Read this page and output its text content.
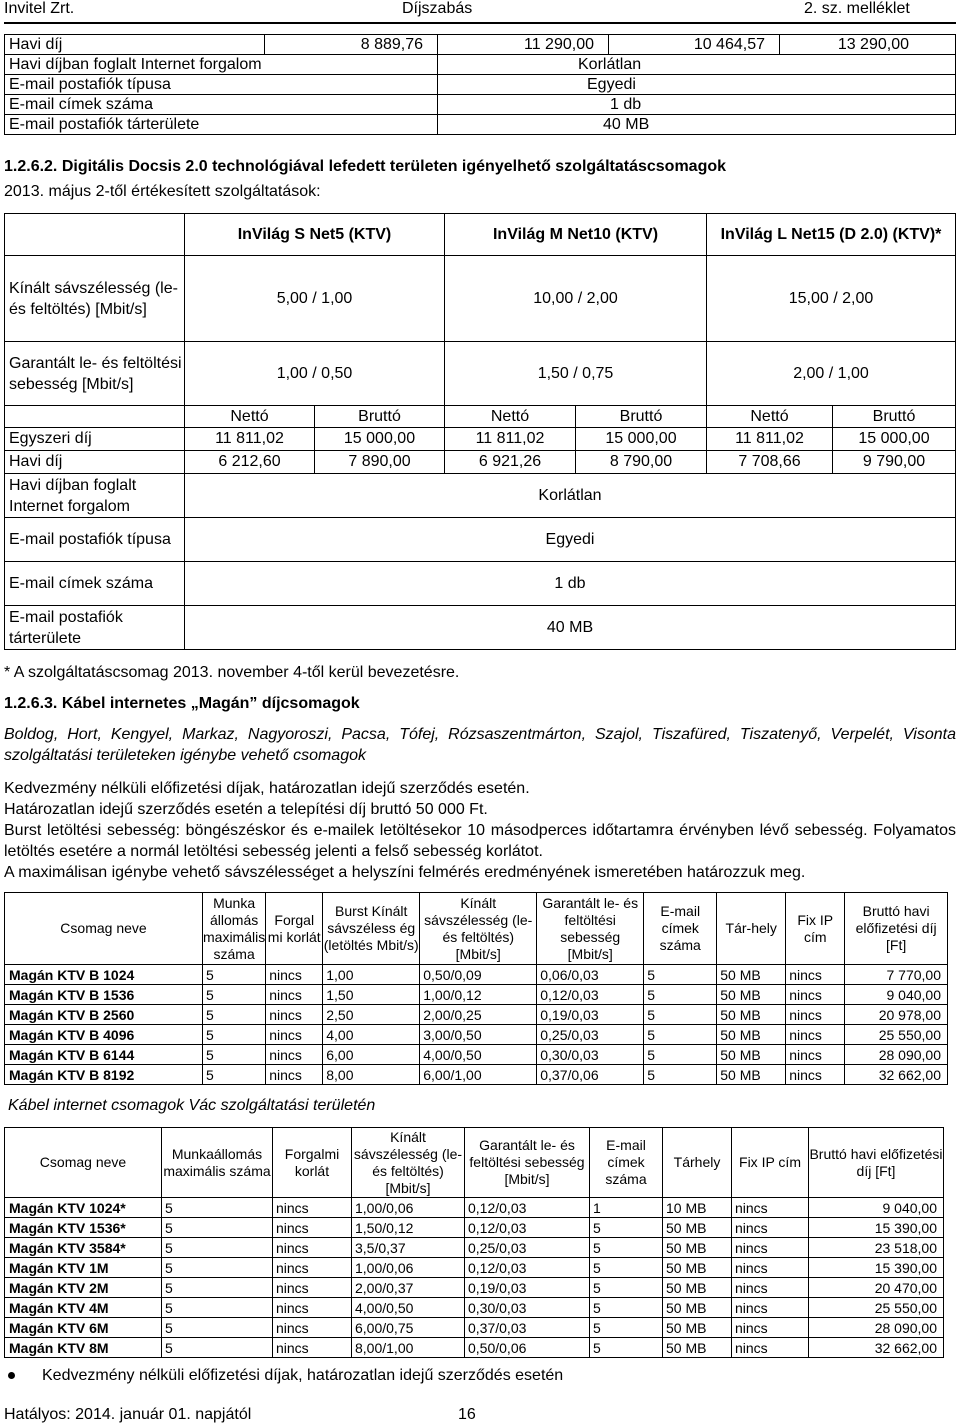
Invitel Zrt.	Díjszabás	2. sz. melléklet
Havi díj	8 889,76	11 290,00	10 464,57	13 290,00
Havi díjban foglalt Internet forgalom		Korlátlan		
E-mail postafiók típusa		Egyedi		
E-mail címek száma		1 db		
E-mail postafiók tárterülete		40 MB		
1.2.6.2. Digitális Docsis 2.0 technológiával lefedett területen igényelhető szolgáltatáscsomagok
2013. május 2-től értékesített szolgáltatások:
	InVilág S Net5 (KTV)		InVilág M Net10 (KTV)		InVilág L Net15 (D 2.0) (KTV)*	
Kínált sávszélesség (le- és feltöltés) [Mbit/s]	5,00 / 1,00		10,00 / 2,00		15,00 / 2,00	
Garantált le- és feltöltési sebesség [Mbit/s]	1,00 / 0,50		1,50 / 0,75		2,00 / 1,00	
	Nettó	Bruttó	Nettó	Bruttó	Nettó	Bruttó
Egyszeri díj	11 811,02	15 000,00	11 811,02	15 000,00	11 811,02	15 000,00
Havi díj	6 212,60	7 890,00	6 921,26	8 790,00	7 708,66	9 790,00
Havi díjban foglalt Internet forgalom	Korlátlan					
E-mail postafiók típusa	Egyedi					
E-mail címek száma	1 db					
E-mail postafiók tárterülete	40 MB					
* A szolgáltatáscsomag 2013. november 4-től kerül bevezetésre.
1.2.6.3. Kábel internetes „Magán” díjcsomagok
Boldog, Hort, Kengyel, Markaz, Nagyoroszi, Pacsa, Tófej, Rózsaszentmárton, Szajol, Tiszafüred, Tiszatenyő, Verpelét, Visonta szolgáltatási területeken igénybe vehető csomagok
Kedvezmény nélküli előfizetési díjak, határozatlan idejű szerződés esetén.
Határozatlan idejű szerződés esetén a telepítési díj bruttó 50 000 Ft.
Burst letöltési sebesség: böngészéskor és e-mailek letöltésekor 10 másodperces időtartamra érvényben lévő sebesség. Folyamatos letöltés esetére a normál letöltési sebesség jelenti a felső sebesség korlátot.
A maximálisan igénybe vehető sávszélességet a helyszíni felmérés eredményének ismeretében határozzuk meg.
Csomag neve	Munka állomás maximális száma	Forgal mi korlát	Burst Kínált sávszéless ég (letöltés Mbit/s)	Kínált sávszélesség (le- és feltöltés) [Mbit/s]	Garantált le- és feltöltési sebesség [Mbit/s]	E-mail címek száma	Tár-hely	Fix IP cím	Bruttó havi előfizetési díj [Ft]
Magán KTV B 1024	5	nincs	1,00	0,50/0,09	0,06/0,03	5	50 MB	nincs	7 770,00
Magán KTV B 1536	5	nincs	1,50	1,00/0,12	0,12/0,03	5	50 MB	nincs	9 040,00
Magán KTV B 2560	5	nincs	2,50	2,00/0,25	0,19/0,03	5	50 MB	nincs	20 978,00
Magán KTV B 4096	5	nincs	4,00	3,00/0,50	0,25/0,03	5	50 MB	nincs	25 550,00
Magán KTV B 6144	5	nincs	6,00	4,00/0,50	0,30/0,03	5	50 MB	nincs	28 090,00
Magán KTV B 8192	5	nincs	8,00	6,00/1,00	0,37/0,06	5	50 MB	nincs	32 662,00
Kábel internet csomagok Vác szolgáltatási területén
Csomag neve	Munkaállomás maximális száma	Forgalmi korlát	Kínált sávszélesség (le- és feltöltés) [Mbit/s]	Garantált le- és feltöltési sebesség [Mbit/s]	E-mail címek száma	Tárhely	Fix IP cím	Bruttó havi előfizetési díj [Ft]
Magán KTV 1024*	5	nincs	1,00/0,06	0,12/0,03	1	10 MB	nincs	9 040,00
Magán KTV 1536*	5	nincs	1,50/0,12	0,12/0,03	5	50 MB	nincs	15 390,00
Magán KTV 3584*	5	nincs	3,5/0,37	0,25/0,03	5	50 MB	nincs	23 518,00
Magán KTV 1M	5	nincs	1,00/0,06	0,12/0,03	5	50 MB	nincs	15 390,00
Magán KTV 2M	5	nincs	2,00/0,37	0,19/0,03	5	50 MB	nincs	20 470,00
Magán KTV 4M	5	nincs	4,00/0,50	0,30/0,03	5	50 MB	nincs	25 550,00
Magán KTV 6M	5	nincs	6,00/0,75	0,37/0,03	5	50 MB	nincs	28 090,00
Magán KTV 8M	5	nincs	8,00/1,00	0,50/0,06	5	50 MB	nincs	32 662,00
Kedvezmény nélküli előfizetési díjak, határozatlan idejű szerződés esetén
Hatályos: 2014. január 01. napjától	16
